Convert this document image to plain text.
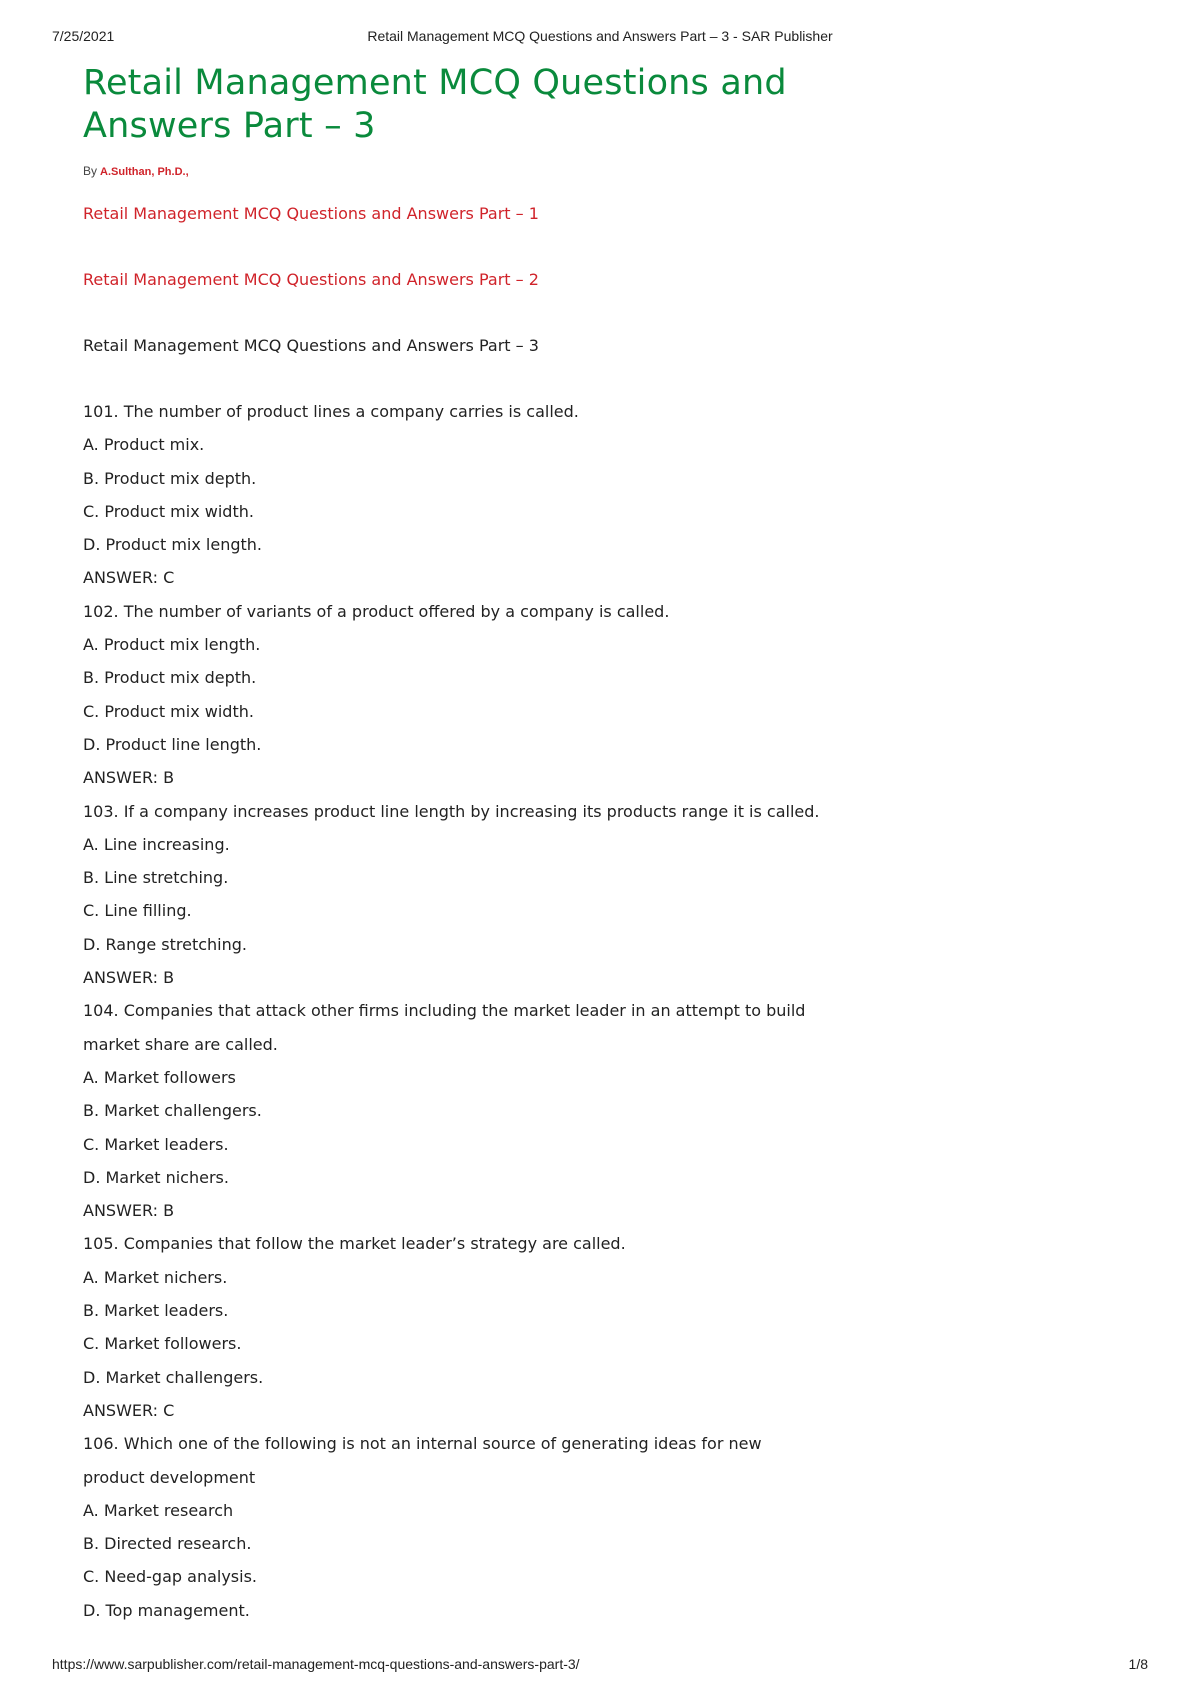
7/25/2021	Retail Management MCQ Questions and Answers Part – 3 - SAR Publisher
Retail Management MCQ Questions and
Answers Part – 3
By A.Sulthan, Ph.D.,
Retail Management MCQ Questions and Answers Part – 1
Retail Management MCQ Questions and Answers Part – 2
Retail Management MCQ Questions and Answers Part – 3
101. The number of product lines a company carries is called.
A. Product mix.
B. Product mix depth.
C. Product mix width.
D. Product mix length.
ANSWER: C
102. The number of variants of a product offered by a company is called.
A. Product mix length.
B. Product mix depth.
C. Product mix width.
D. Product line length.
ANSWER: B
103. If a company increases product line length by increasing its products range it is called.
A. Line increasing.
B. Line stretching.
C. Line filling.
D. Range stretching.
ANSWER: B
104. Companies that attack other firms including the market leader in an attempt to build
market share are called.
A. Market followers
B. Market challengers.
C. Market leaders.
D. Market nichers.
ANSWER: B
105. Companies that follow the market leader’s strategy are called.
A. Market nichers.
B. Market leaders.
C. Market followers.
D. Market challengers.
ANSWER: C
106. Which one of the following is not an internal source of generating ideas for new
product development
A. Market research
B. Directed research.
C. Need-gap analysis.
D. Top management.
https://www.sarpublisher.com/retail-management-mcq-questions-and-answers-part-3/	1/8
